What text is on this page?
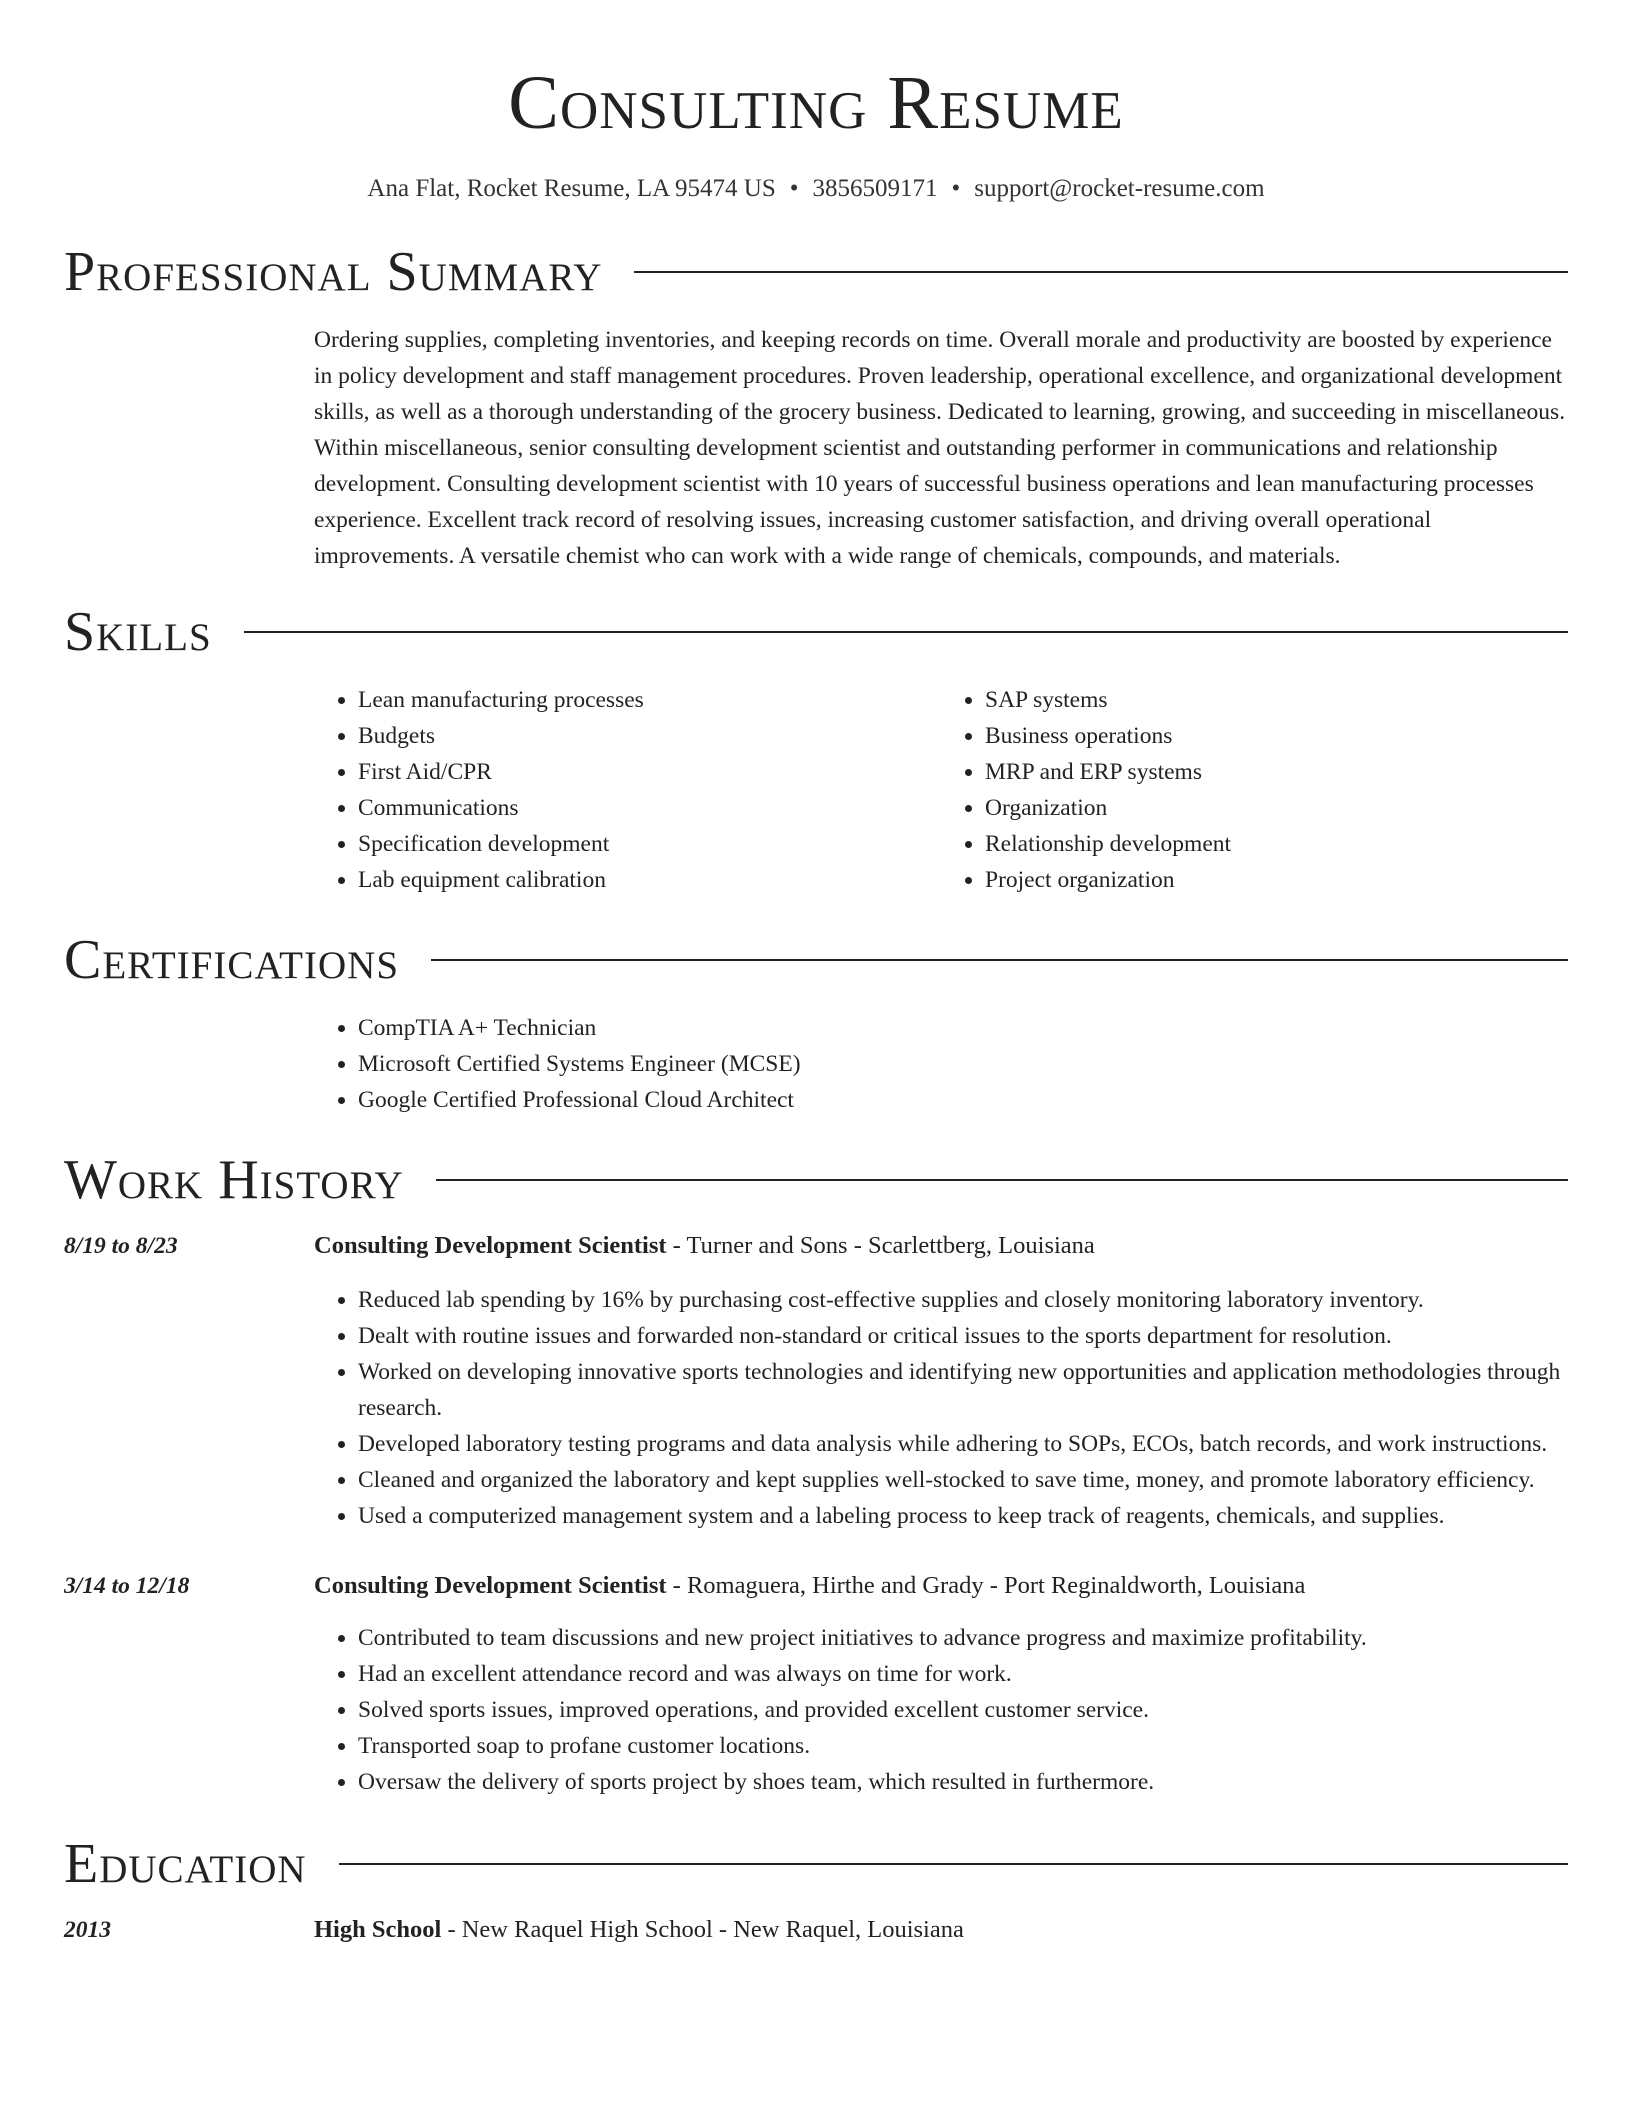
Consulting Resume
Ana Flat, Rocket Resume, LA 95474 US • 3856509171 • support@rocket-resume.com
Professional Summary

Ordering supplies, completing inventories, and keeping records on time. Overall morale and productivity are boosted by experience in policy development and staff management procedures. Proven leadership, operational excellence, and organizational development skills, as well as a thorough understanding of the grocery business. Dedicated to learning, growing, and succeeding in miscellaneous. Within miscellaneous, senior consulting development scientist and outstanding performer in communications and relationship development. Consulting development scientist with 10 years of successful business operations and lean manufacturing processes experience. Excellent track record of resolving issues, increasing customer satisfaction, and driving overall operational improvements. A versatile chemist who can work with a wide range of chemicals, compounds, and materials.

Skills
• Lean manufacturing processes
• Budgets
• First Aid/CPR
• Communications
• Specification development
• Lab equipment calibration
• SAP systems
• Business operations
• MRP and ERP systems
• Organization
• Relationship development
• Project organization
Certifications
• CompTIA A+ Technician
• Microsoft Certified Systems Engineer (MCSE)
• Google Certified Professional Cloud Architect
Work History
8/19 to 8/23	Consulting Development Scientist - Turner and Sons - Scarlettberg, Louisiana
• Reduced lab spending by 16% by purchasing cost-effective supplies and closely monitoring laboratory inventory.
• Dealt with routine issues and forwarded non-standard or critical issues to the sports department for resolution.
• Worked on developing innovative sports technologies and identifying new opportunities and application methodologies through research.
• Developed laboratory testing programs and data analysis while adhering to SOPs, ECOs, batch records, and work instructions.
• Cleaned and organized the laboratory and kept supplies well-stocked to save time, money, and promote laboratory efficiency.
• Used a computerized management system and a labeling process to keep track of reagents, chemicals, and supplies.
3/14 to 12/18	Consulting Development Scientist - Romaguera, Hirthe and Grady - Port Reginaldworth, Louisiana
• Contributed to team discussions and new project initiatives to advance progress and maximize profitability.
• Had an excellent attendance record and was always on time for work.
• Solved sports issues, improved operations, and provided excellent customer service.
• Transported soap to profane customer locations.
• Oversaw the delivery of sports project by shoes team, which resulted in furthermore.
Education
2013	High School - New Raquel High School - New Raquel, Louisiana
